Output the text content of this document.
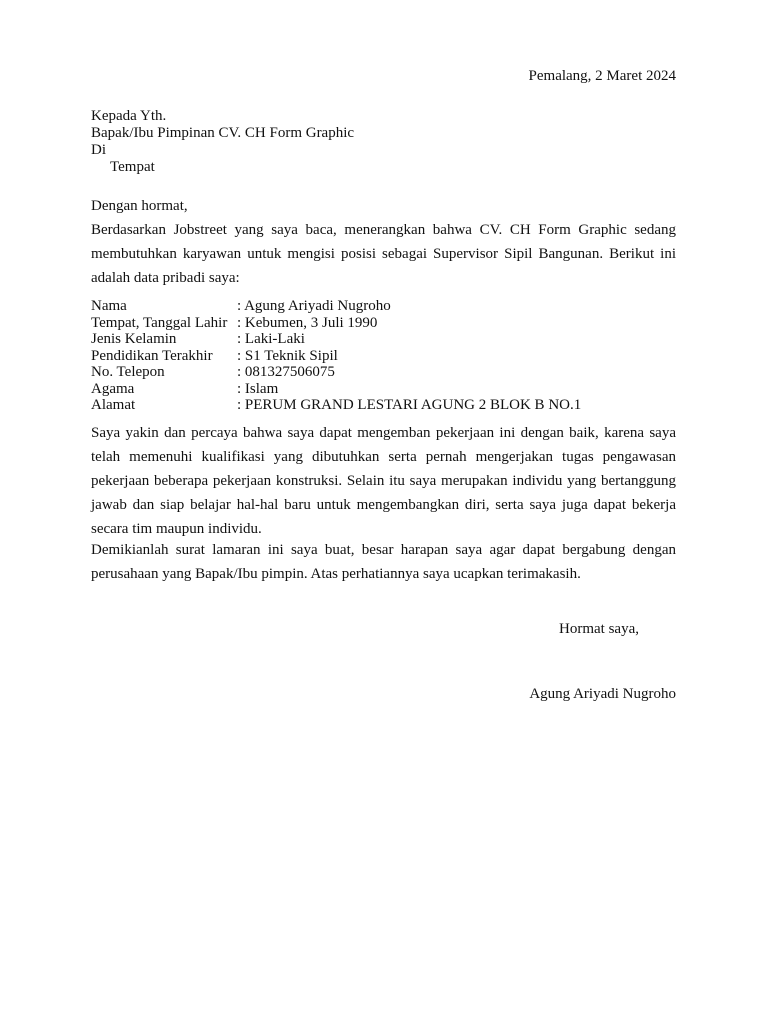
Pemalang, 2 Maret 2024
Kepada Yth.
Bapak/Ibu Pimpinan CV. CH Form Graphic
Di
Tempat
Dengan hormat,

Berdasarkan Jobstreet yang saya baca, menerangkan bahwa CV. CH Form Graphic sedang membutuhkan karyawan untuk mengisi posisi sebagai Supervisor Sipil Bangunan. Berikut ini adalah data pribadi saya:

Nama	: Agung Ariyadi Nugroho
Tempat, Tanggal Lahir	: Kebumen, 3 Juli 1990
Jenis Kelamin	: Laki-Laki
Pendidikan Terakhir	: S1 Teknik Sipil
No. Telepon	: 081327506075
Agama	: Islam
Alamat	: PERUM GRAND LESTARI AGUNG 2 BLOK B NO.1

Saya yakin dan percaya bahwa saya dapat mengemban pekerjaan ini dengan baik, karena saya telah memenuhi kualifikasi yang dibutuhkan serta pernah mengerjakan tugas pengawasan pekerjaan beberapa pekerjaan konstruksi. Selain itu saya merupakan individu yang bertanggung jawab dan siap belajar hal-hal baru untuk mengembangkan diri, serta saya juga dapat bekerja secara tim maupun individu.

Demikianlah surat lamaran ini saya buat, besar harapan saya agar dapat bergabung dengan perusahaan yang Bapak/Ibu pimpin. Atas perhatiannya saya ucapkan terimakasih.

Hormat saya,
Agung Ariyadi Nugroho
